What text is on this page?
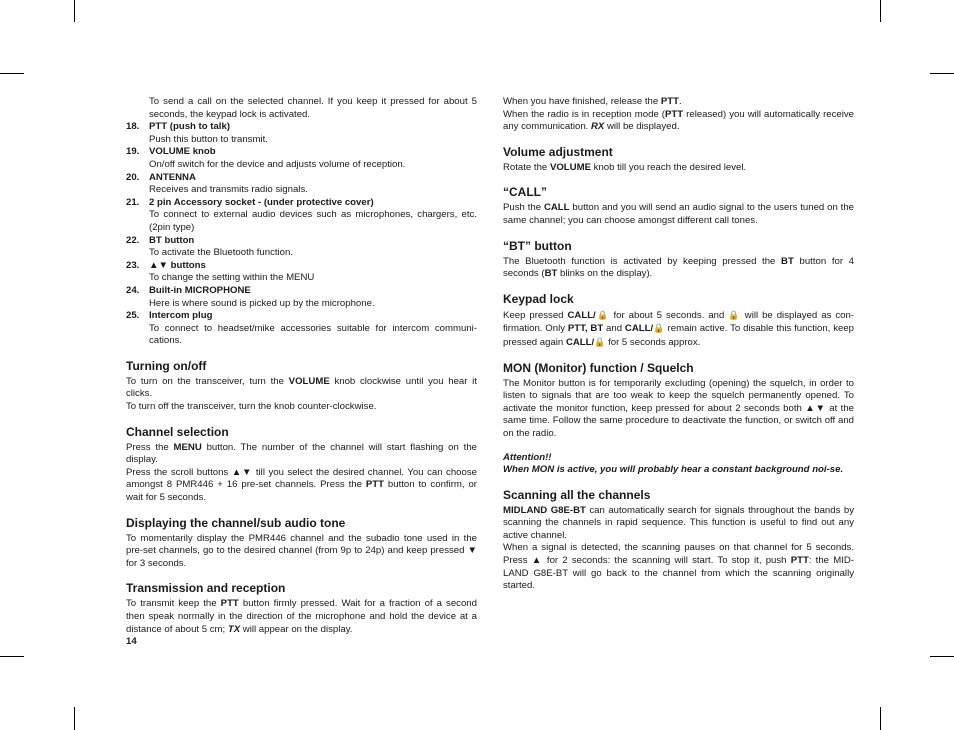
To send a call on the selected channel. If you keep it pressed for about 5 seconds, the keypad lock is activated.

18.	PTT (push to talk)

Push this button to transmit.

19.	VOLUME knob

On/off switch for the device and adjusts volume of reception.

20.	ANTENNA

Receives and transmits radio signals.

21.	2 pin Accessory socket - (under protective cover)

To connect to external audio devices such as microphones, chargers, etc. (2pin type)

22.	BT button

To activate the Bluetooth function.

23.	▲▼ buttons

To change the setting within the MENU

24.	Built-in MICROPHONE

Here is where sound is picked up by the microphone.

25.	Intercom plug

To connect to headset/mike accessories suitable for intercom communi-cations.

Turning on/off

To turn on the transceiver, turn the VOLUME knob clockwise until you hear it clicks.

To turn off the transceiver, turn the knob counter-clockwise.

Channel selection

Press the MENU button. The number of the channel will start flashing on the display.

Press the scroll buttons ▲▼ till you select the desired channel. You can choose amongst 8 PMR446 + 16 pre-set channels. Press the PTT button to confirm, or wait for 5 seconds.

Displaying the channel/sub audio tone

To momentarily display the PMR446 channel and the subadio tone used in the pre-set channels, go to the desired channel (from 9p to 24p) and keep pressed ▼ for 3 seconds.

Transmission and reception

To transmit keep the PTT button firmly pressed. Wait for a fraction of a second then speak normally in the direction of the microphone and hold the device at a distance of about 5 cm; TX will appear on the display.

14

When you have finished, release the PTT.

When the radio is in reception mode (PTT released) you will automatically receive any communication. RX will be displayed.

Volume adjustment

Rotate the VOLUME knob till you reach the desired level.

“CALL”

Push the CALL button and you will send an audio signal to the users tuned on the same channel; you can choose amongst different call tones.

“BT” button

The Bluetooth function is activated by keeping pressed the BT button for 4 seconds (BT blinks on the display).

Keypad lock

Keep pressed CALL/🔒 for about 5 seconds. and 🔒 will be displayed as con-firmation. Only PTT, BT and CALL/🔒 remain active. To disable this function, keep pressed again CALL/🔒 for 5 seconds approx.

MON (Monitor) function / Squelch

The Monitor button is for temporarily excluding (opening) the squelch, in order to listen to signals that are too weak to keep the squelch permanently opened. To activate the monitor function, keep pressed for about 2 seconds both ▲▼ at the same time. Follow the same procedure to deactivate the function, or switch off and on the radio.

Attention!!

When MON is active, you will probably hear a constant background noi-se.

Scanning all the channels

MIDLAND G8E-BT can automatically search for signals throughout the bands by scanning the channels in rapid sequence. This function is useful to find out any active channel.

When a signal is detected, the scanning pauses on that channel for 5 seconds. Press ▲ for 2 seconds: the scanning will start. To stop it, push PTT: the MID-LAND G8E-BT will go back to the channel from which the scanning originally started.
